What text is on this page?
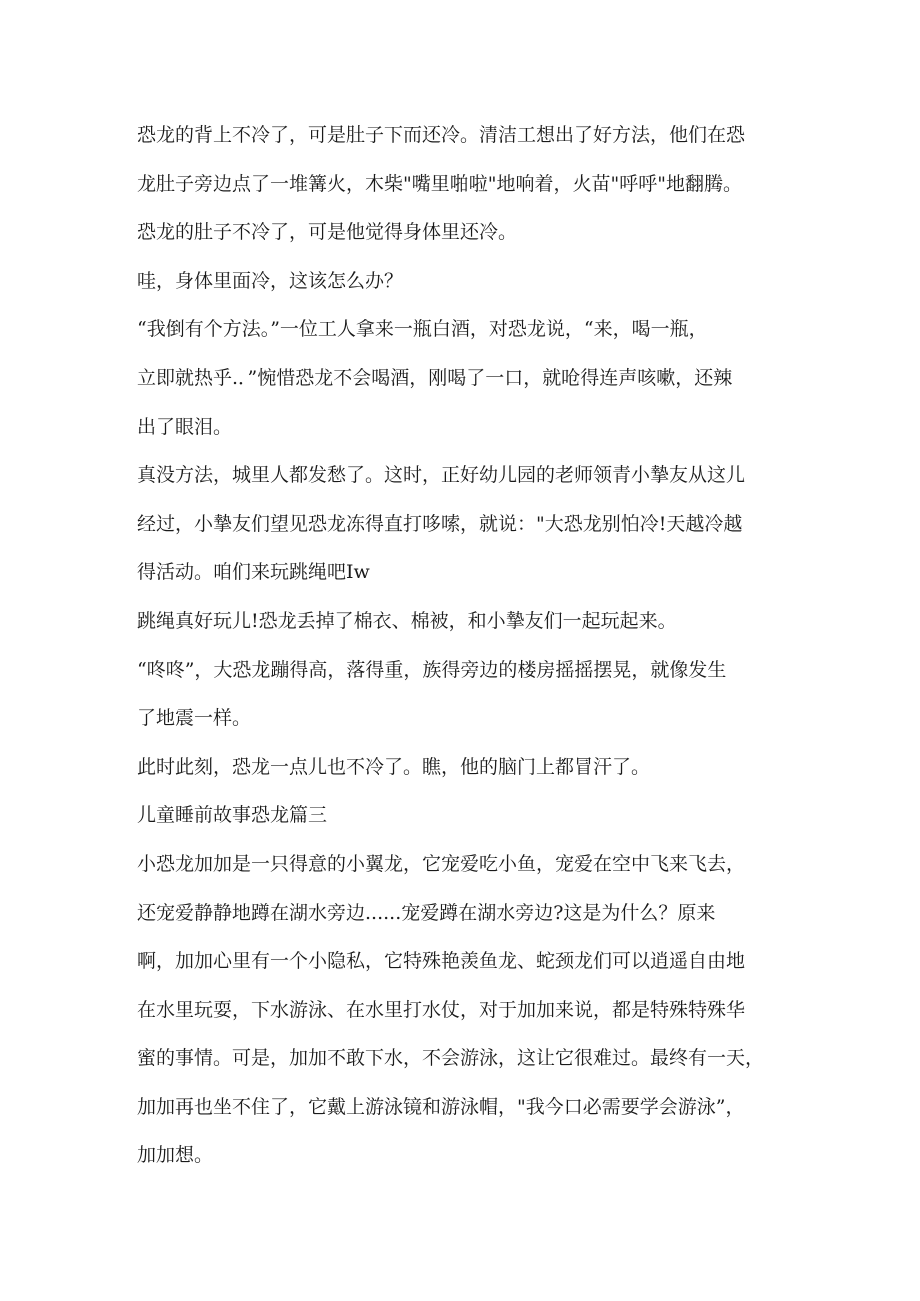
恐龙的背上不冷了，可是肚子下而还冷。清洁工想出了好方法，他们在恐
龙肚子旁边点了一堆篝火，木柴"嘴里啪啦"地响着，火苗"呼呼"地翻腾。
恐龙的肚子不冷了，可是他觉得身体里还冷。
哇，身体里面冷，这该怎么办？
“我倒有个方法。”一位工人拿来一瓶白酒，对恐龙说，“来，喝一瓶，
立即就热乎.．”惋惜恐龙不会喝酒，刚喝了一口，就呛得连声咳嗽，还辣
出了眼泪。
真没方法，城里人都发愁了。这时，正好幼儿园的老师领青小摯友从这儿
经过，小摯友们望见恐龙冻得直打哆嗦，就说："大恐龙别怕冷!天越冷越
得活动。咱们来玩跳绳吧Iw
跳绳真好玩儿!恐龙丢掉了棉衣、棉被，和小摯友们一起玩起来。
“咚咚”，大恐龙蹦得高，落得重，族得旁边的楼房摇摇摆晃，就像发生
了地震一样。
此时此刻，恐龙一点儿也不冷了。瞧，他的脑门上都冒汗了。
儿童睡前故事恐龙篇三
小恐龙加加是一只得意的小翼龙，它宠爱吃小鱼，宠爱在空中飞来飞去，
还宠爱静静地蹲在湖水旁边......宠爱蹲在湖水旁边?这是为什么？原来
啊，加加心里有一个小隐私，它特殊艳羡鱼龙、蛇颈龙们可以逍遥自由地
在水里玩耍，下水游泳、在水里打水仗，对于加加来说，都是特殊特殊华
蜜的事情。可是，加加不敢下水，不会游泳，这让它很难过。最终有一天，
加加再也坐不住了，它戴上游泳镜和游泳帽，"我今口必需要学会游泳”，
加加想。
